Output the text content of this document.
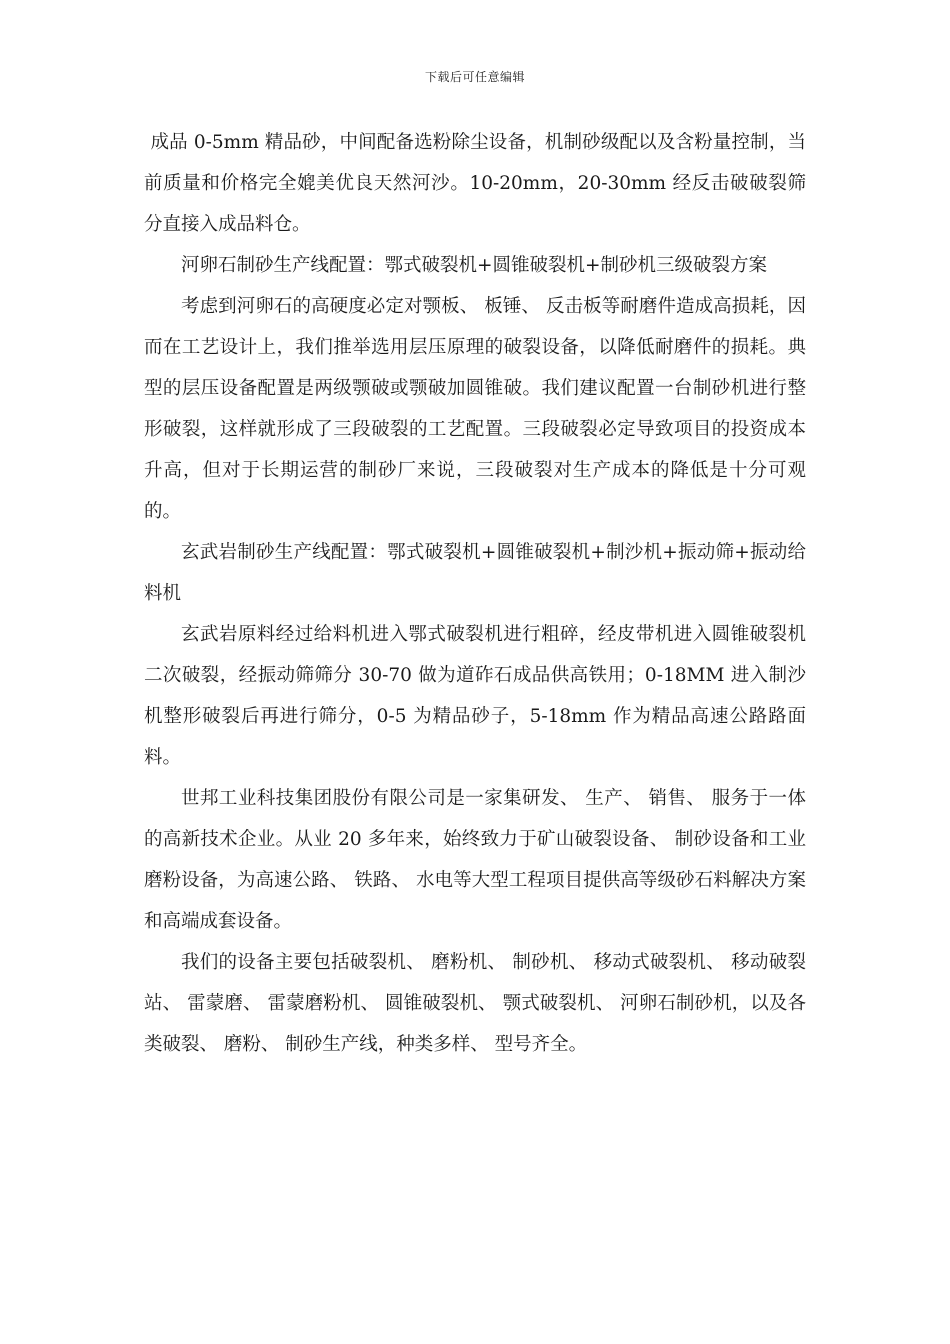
下载后可任意编辑

成品 0-5mm 精品砂，中间配备选粉除尘设备，机制砂级配以及含粉量控制，当前质量和价格完全媲美优良天然河沙。10-20mm，20-30mm 经反击破破裂筛分直接入成品料仓。

河卵石制砂生产线配置：鄂式破裂机+圆锥破裂机+制砂机三级破裂方案

考虑到河卵石的高硬度必定对颚板、 板锤、 反击板等耐磨件造成高损耗，因而在工艺设计上，我们推举选用层压原理的破裂设备，以降低耐磨件的损耗。典型的层压设备配置是两级颚破或颚破加圆锥破。我们建议配置一台制砂机进行整形破裂，这样就形成了三段破裂的工艺配置。三段破裂必定导致项目的投资成本升高，但对于长期运营的制砂厂来说，三段破裂对生产成本的降低是十分可观的。

玄武岩制砂生产线配置：鄂式破裂机+圆锥破裂机+制沙机+振动筛+振动给料机

玄武岩原料经过给料机进入鄂式破裂机进行粗碎，经皮带机进入圆锥破裂机二次破裂，经振动筛筛分 30-70 做为道砟石成品供高铁用；0-18MM 进入制沙机整形破裂后再进行筛分，0-5 为精品砂子，5-18mm 作为精品高速公路路面料。

世邦工业科技集团股份有限公司是一家集研发、 生产、 销售、 服务于一体的高新技术企业。从业 20 多年来，始终致力于矿山破裂设备、 制砂设备和工业磨粉设备，为高速公路、 铁路、 水电等大型工程项目提供高等级砂石料解决方案和高端成套设备。

我们的设备主要包括破裂机、 磨粉机、 制砂机、 移动式破裂机、 移动破裂站、 雷蒙磨、 雷蒙磨粉机、 圆锥破裂机、 颚式破裂机、 河卵石制砂机，以及各类破裂、 磨粉、 制砂生产线，种类多样、 型号齐全。
